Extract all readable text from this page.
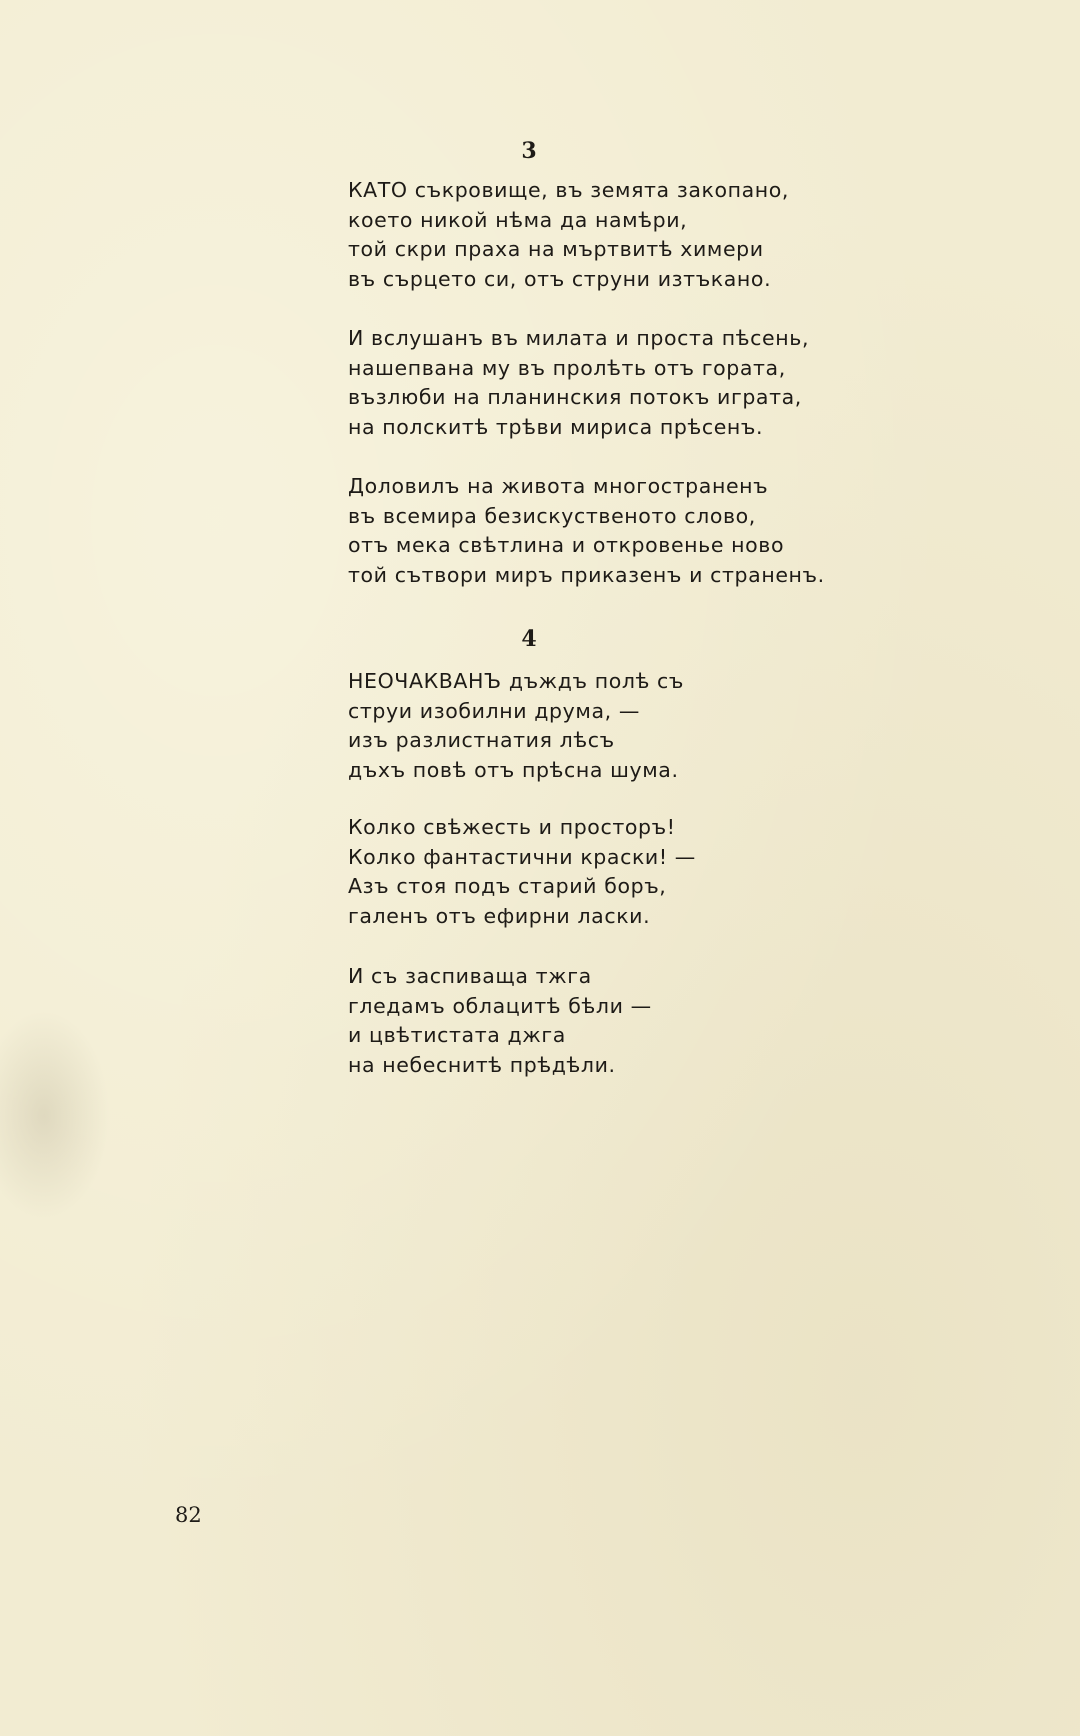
3
КАТО съкровище, въ земята закопано,
което никой нѣма да намѣри,
той скри праха на мъртвитѣ химери
въ сърцето си, отъ струни изтъкано.
И вслушанъ въ милата и проста пѣсень,
нашепвана му въ пролѣть отъ гората,
възлюби на планинския потокъ играта,
на полскитѣ трѣви мириса прѣсенъ.
Доловилъ на живота многостраненъ
въ всемира безискуственото слово,
отъ мека свѣтлина и откровенье ново
той сътвори миръ приказенъ и страненъ.
4
НЕОЧАКВАНЪ дъждъ полѣ съ
струи изобилни друма, —
изъ разлистнатия лѣсъ
дъхъ повѣ отъ прѣсна шума.
Колко свѣжесть и просторъ!
Колко фантастични краски! —
Азъ стоя подъ старий боръ,
галенъ отъ ефирни ласки.
И съ заспиваща тжга
гледамъ облацитѣ бѣли —
и цвѣтистата джга
на небеснитѣ прѣдѣли.
82
